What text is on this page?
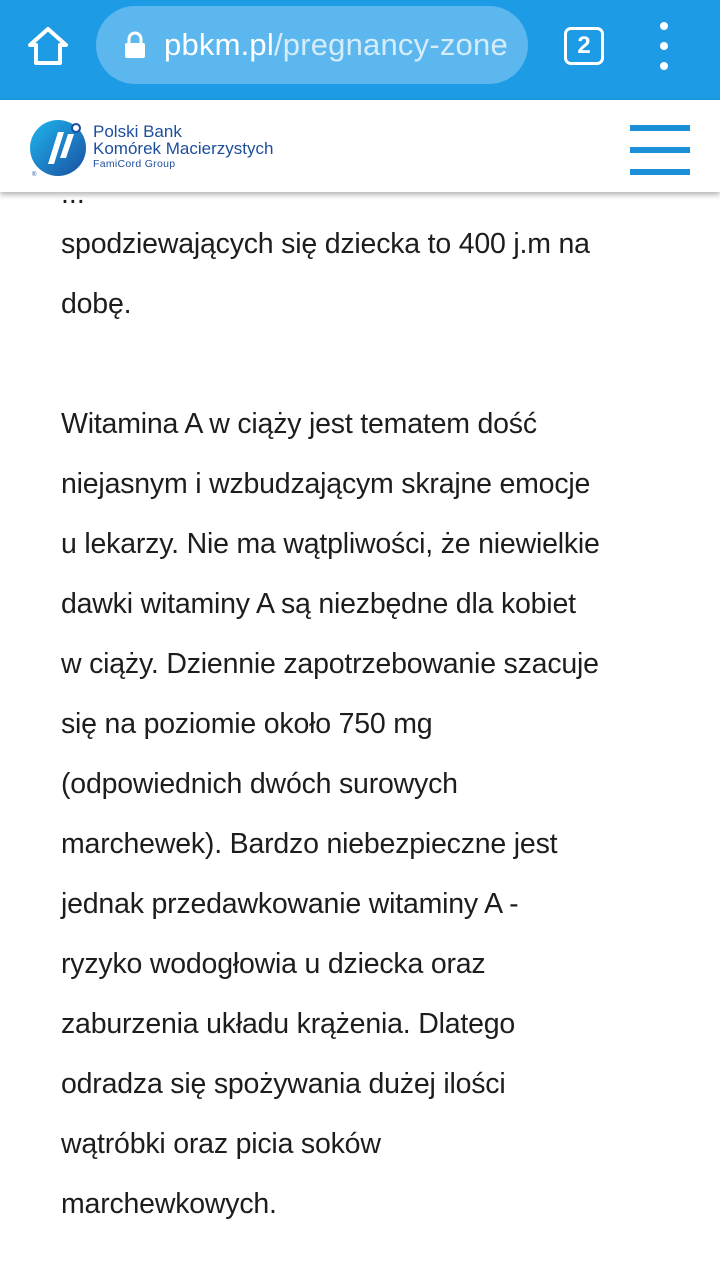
pbkm.pl/pregnancy-zone	2
®
Polski Bank
Komórek Macierzystych
FamiCord Group

...

spodziewających się dziecka to 400 j.m na
dobę.

Witamina A w ciąży jest tematem dość
niejasnym i wzbudzającym skrajne emocje
u lekarzy. Nie ma wątpliwości, że niewielkie
dawki witaminy A są niezbędne dla kobiet
w ciąży. Dziennie zapotrzebowanie szacuje
się na poziomie około 750 mg
(odpowiednich dwóch surowych
marchewek). Bardzo niebezpieczne jest
jednak przedawkowanie witaminy A -
ryzyko wodogłowia u dziecka oraz
zaburzenia układu krążenia. Dlatego
odradza się spożywania dużej ilości
wątróbki oraz picia soków
marchewkowych.
